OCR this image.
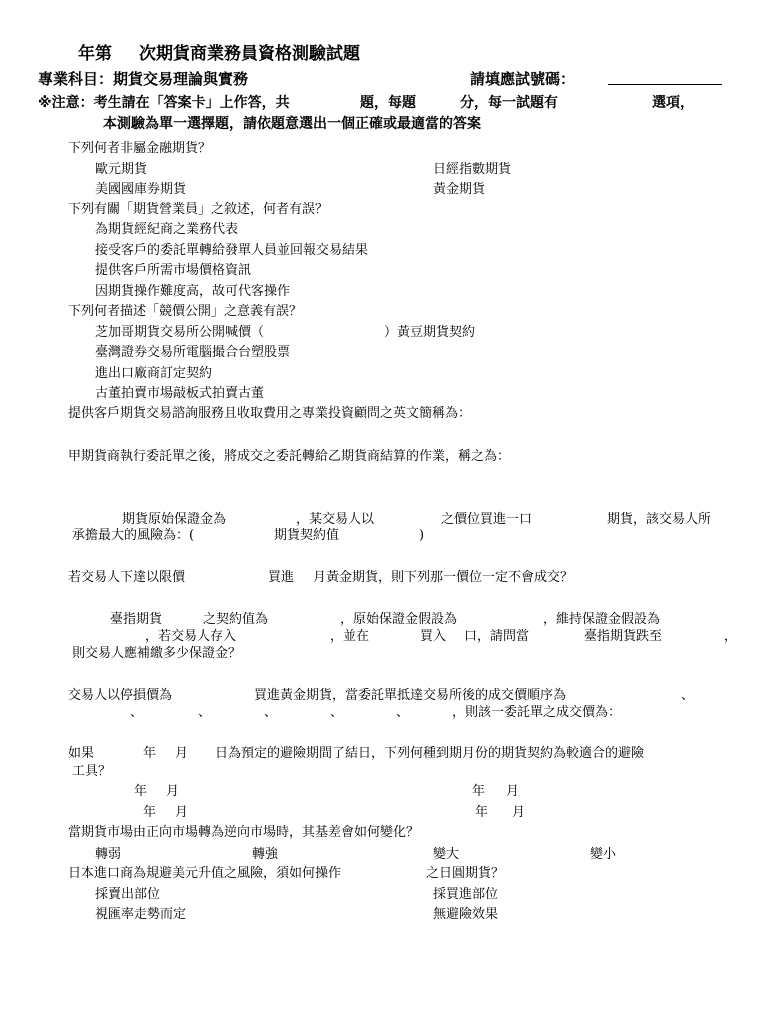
年第 次期貨商業務員資格測驗試題
專業科目：期貨交易理論與實務	請填應試號碼：
※注意：考生請在「答案卡」上作答，共	題，每題	分，每一試題有	選項，
本測驗為單一選擇題，請依題意選出一個正確或最適當的答案
下列何者非屬金融期貨？
歐元期貨	日經指數期貨
美國國庫券期貨	黃金期貨
下列有關「期貨營業員」之敘述，何者有誤？
為期貨經紀商之業務代表
接受客戶的委託單轉給發單人員並回報交易結果
提供客戶所需市場價格資訊
因期貨操作難度高，故可代客操作
下列何者描述「競價公開」之意義有誤？
芝加哥期貨交易所公開喊價（	）黃豆期貨契約
臺灣證券交易所電腦撮合台塑股票
進出口廠商訂定契約
古董拍賣市場敲板式拍賣古董
提供客戶期貨交易諮詢服務且收取費用之專業投資顧問之英文簡稱為：
甲期貨商執行委託單之後，將成交之委託轉給乙期貨商結算的作業，稱之為：
期貨原始保證金為	，某交易人以	之價位買進一口	期貨，該交易人所
承擔最大的風險為：(	期貨契約值	)
若交易人下達以限價	買進 月黃金期貨，則下列那一價位一定不會成交？
臺指期貨	之契約值為	，原始保證金假設為	，維持保證金假設為
，若交易人存入	，並在	買入 口，請問當	臺指期貨跌至	，
則交易人應補繳多少保證金？
交易人以停損價為	買進黃金期貨，當委託單抵達交易所後的成交價順序為	、
、	、	、	、	、	，則該一委託單之成交價為：
如果	年 月 日為預定的避險期間了結日，下列何種到期月份的期貨契約為較適合的避險
工具？
年 月	年 月
年 月	年 月
當期貨市場由正向市場轉為逆向市場時，其基差會如何變化？
轉弱	轉強	變大	變小
日本進口商為規避美元升值之風險，須如何操作	之日圓期貨？
採賣出部位	採買進部位
視匯率走勢而定	無避險效果
